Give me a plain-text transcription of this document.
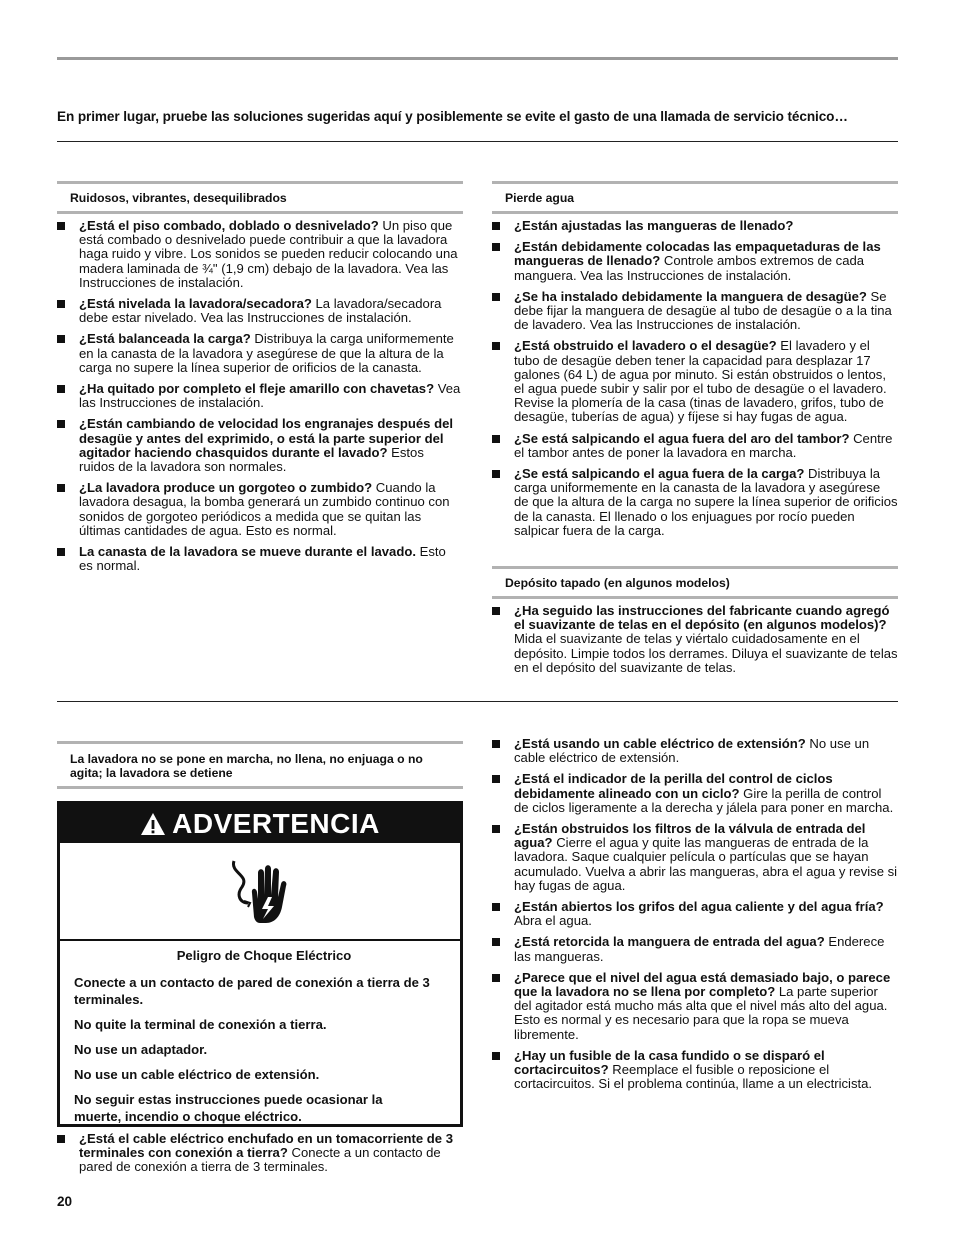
En primer lugar, pruebe las soluciones sugeridas aquí y posiblemente se evite el gasto de una llamada de servicio técnico…
Ruidosos, vibrantes, desequilibrados
¿Está el piso combado, doblado o desnivelado? Un piso que está combado o desnivelado puede contribuir a que la lavadora haga ruido y vibre. Los sonidos se pueden reducir colocando una madera laminada de ¾" (1,9 cm) debajo de la lavadora. Vea las Instrucciones de instalación.
¿Está nivelada la lavadora/secadora? La lavadora/secadora debe estar nivelado. Vea las Instrucciones de instalación.
¿Está balanceada la carga? Distribuya la carga uniformemente en la canasta de la lavadora y asegúrese de que la altura de la carga no supere la línea superior de orificios de la canasta.
¿Ha quitado por completo el fleje amarillo con chavetas? Vea las Instrucciones de instalación.
¿Están cambiando de velocidad los engranajes después del desagüe y antes del exprimido, o está la parte superior del agitador haciendo chasquidos durante el lavado? Estos ruidos de la lavadora son normales.
¿La lavadora produce un gorgoteo o zumbido? Cuando la lavadora desagua, la bomba generará un zumbido continuo con sonidos de gorgoteo periódicos a medida que se quitan las últimas cantidades de agua. Esto es normal.
La canasta de la lavadora se mueve durante el lavado. Esto es normal.
Pierde agua
¿Están ajustadas las mangueras de llenado?
¿Están debidamente colocadas las empaquetaduras de las mangueras de llenado? Controle ambos extremos de cada manguera. Vea las Instrucciones de instalación.
¿Se ha instalado debidamente la manguera de desagüe? Se debe fijar la manguera de desagüe al tubo de desagüe o a la tina de lavadero. Vea las Instrucciones de instalación.
¿Está obstruido el lavadero o el desagüe? El lavadero y el tubo de desagüe deben tener la capacidad para desplazar 17 galones (64 L) de agua por minuto. Si están obstruidos o lentos, el agua puede subir y salir por el tubo de desagüe o el lavadero. Revise la plomería de la casa (tinas de lavadero, grifos, tubo de desagüe, tuberías de agua) y fíjese si hay fugas de agua.
¿Se está salpicando el agua fuera del aro del tambor? Centre el tambor antes de poner la lavadora en marcha.
¿Se está salpicando el agua fuera de la carga? Distribuya la carga uniformemente en la canasta de la lavadora y asegúrese de que la altura de la carga no supere la línea superior de orificios de la canasta. El llenado o los enjuagues por rocío pueden salpicar fuera de la carga.
Depósito tapado (en algunos modelos)
¿Ha seguido las instrucciones del fabricante cuando agregó el suavizante de telas en el depósito (en algunos modelos)? Mida el suavizante de telas y viértalo cuidadosamente en el depósito. Limpie todos los derrames. Diluya el suavizante de telas en el depósito del suavizante de telas.
La lavadora no se pone en marcha, no llena, no enjuaga o no agita; la lavadora se detiene
ADVERTENCIA

Peligro de Choque Eléctrico

Conecte a un contacto de pared de conexión a tierra de 3 terminales.

No quite la terminal de conexión a tierra.

No use un adaptador.

No use un cable eléctrico de extensión.

No seguir estas instrucciones puede ocasionar la muerte, incendio o choque eléctrico.

¿Está el cable eléctrico enchufado en un tomacorriente de 3 terminales con conexión a tierra? Conecte a un contacto de pared de conexión a tierra de 3 terminales.
¿Está usando un cable eléctrico de extensión? No use un cable eléctrico de extensión.
¿Está el indicador de la perilla del control de ciclos debidamente alineado con un ciclo? Gire la perilla de control de ciclos ligeramente a la derecha y jálela para poner en marcha.
¿Están obstruidos los filtros de la válvula de entrada del agua? Cierre el agua y quite las mangueras de entrada de la lavadora. Saque cualquier película o partículas que se hayan acumulado. Vuelva a abrir las mangueras, abra el agua y revise si hay fugas de agua.
¿Están abiertos los grifos del agua caliente y del agua fría? Abra el agua.
¿Está retorcida la manguera de entrada del agua? Enderece las mangueras.
¿Parece que el nivel del agua está demasiado bajo, o parece que la lavadora no se llena por completo? La parte superior del agitador está mucho más alta que el nivel más alto del agua. Esto es normal y es necesario para que la ropa se mueva libremente.
¿Hay un fusible de la casa fundido o se disparó el cortacircuitos? Reemplace el fusible o reposicione el cortacircuitos. Si el problema continúa, llame a un electricista.
20
